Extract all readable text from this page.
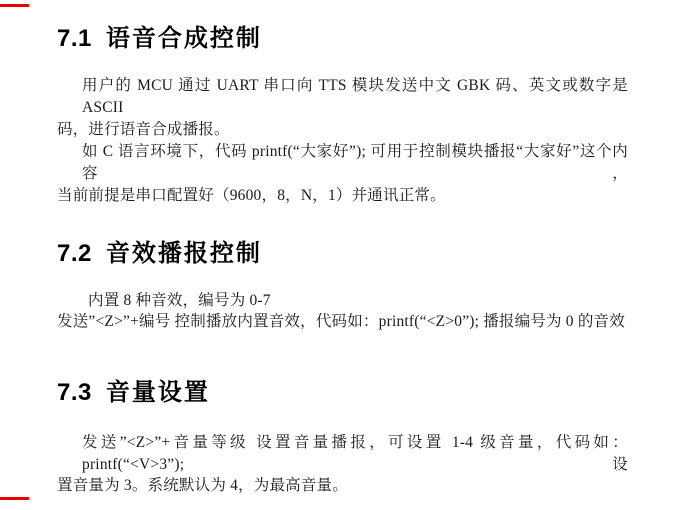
7.1 语音合成控制
用户的 MCU 通过 UART 串口向 TTS 模块发送中文 GBK 码、英文或数字是 ASCII
码，进行语音合成播报。
如 C 语言环境下，代码 printf(“大家好”); 可用于控制模块播报“大家好”这个内容，
当前前提是串口配置好（9600，8，N，1）并通讯正常。
7.2 音效播报控制
内置 8 种音效，编号为 0-7
发送”<Z>”+编号 控制播放内置音效，代码如：printf(“<Z>0”); 播报编号为 0 的音效
7.3 音量设置
发送”<Z>”+音量等级 设置音量播报，可设置 1-4 级音量，代码如：printf(“<V>3”); 设
置音量为 3。系统默认为 4，为最高音量。
